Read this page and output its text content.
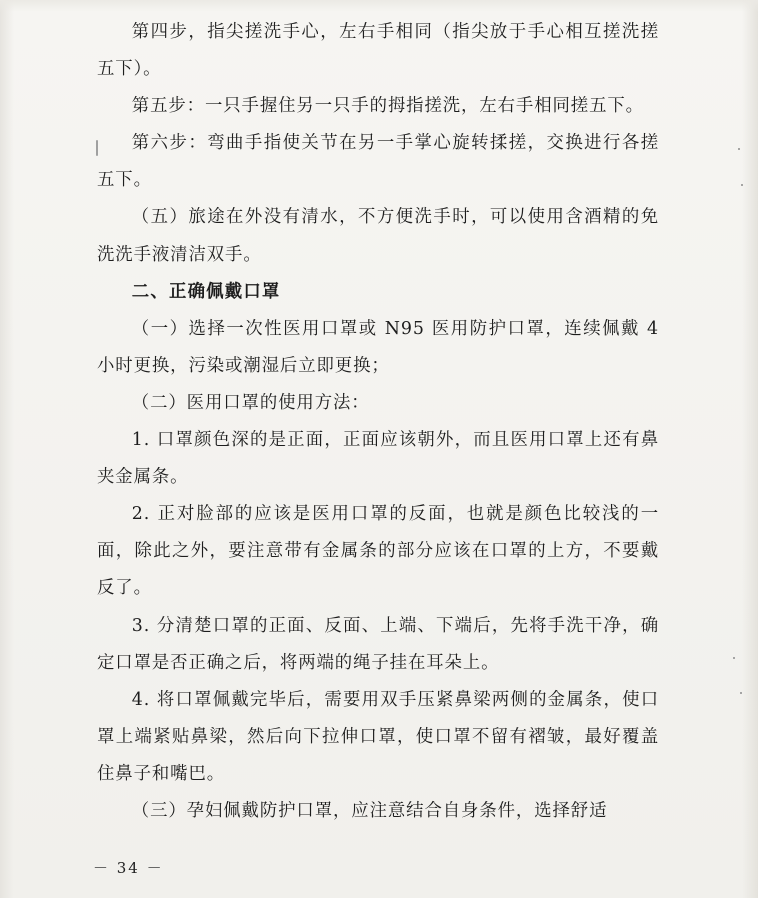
第四步，指尖搓洗手心，左右手相同（指尖放于手心相互搓洗搓五下）。

第五步：一只手握住另一只手的拇指搓洗，左右手相同搓五下。

第六步：弯曲手指使关节在另一手掌心旋转揉搓，交换进行各搓五下。

（五）旅途在外没有清水，不方便洗手时，可以使用含酒精的免洗洗手液清洁双手。

二、正确佩戴口罩

（一）选择一次性医用口罩或 N95 医用防护口罩，连续佩戴 4 小时更换，污染或潮湿后立即更换；

（二）医用口罩的使用方法：

1. 口罩颜色深的是正面，正面应该朝外，而且医用口罩上还有鼻夹金属条。

2. 正对脸部的应该是医用口罩的反面，也就是颜色比较浅的一面，除此之外，要注意带有金属条的部分应该在口罩的上方，不要戴反了。

3. 分清楚口罩的正面、反面、上端、下端后，先将手洗干净，确定口罩是否正确之后，将两端的绳子挂在耳朵上。

4. 将口罩佩戴完毕后，需要用双手压紧鼻梁两侧的金属条，使口罩上端紧贴鼻梁，然后向下拉伸口罩，使口罩不留有褶皱，最好覆盖住鼻子和嘴巴。

（三）孕妇佩戴防护口罩，应注意结合自身条件，选择舒适

－ 34 －
